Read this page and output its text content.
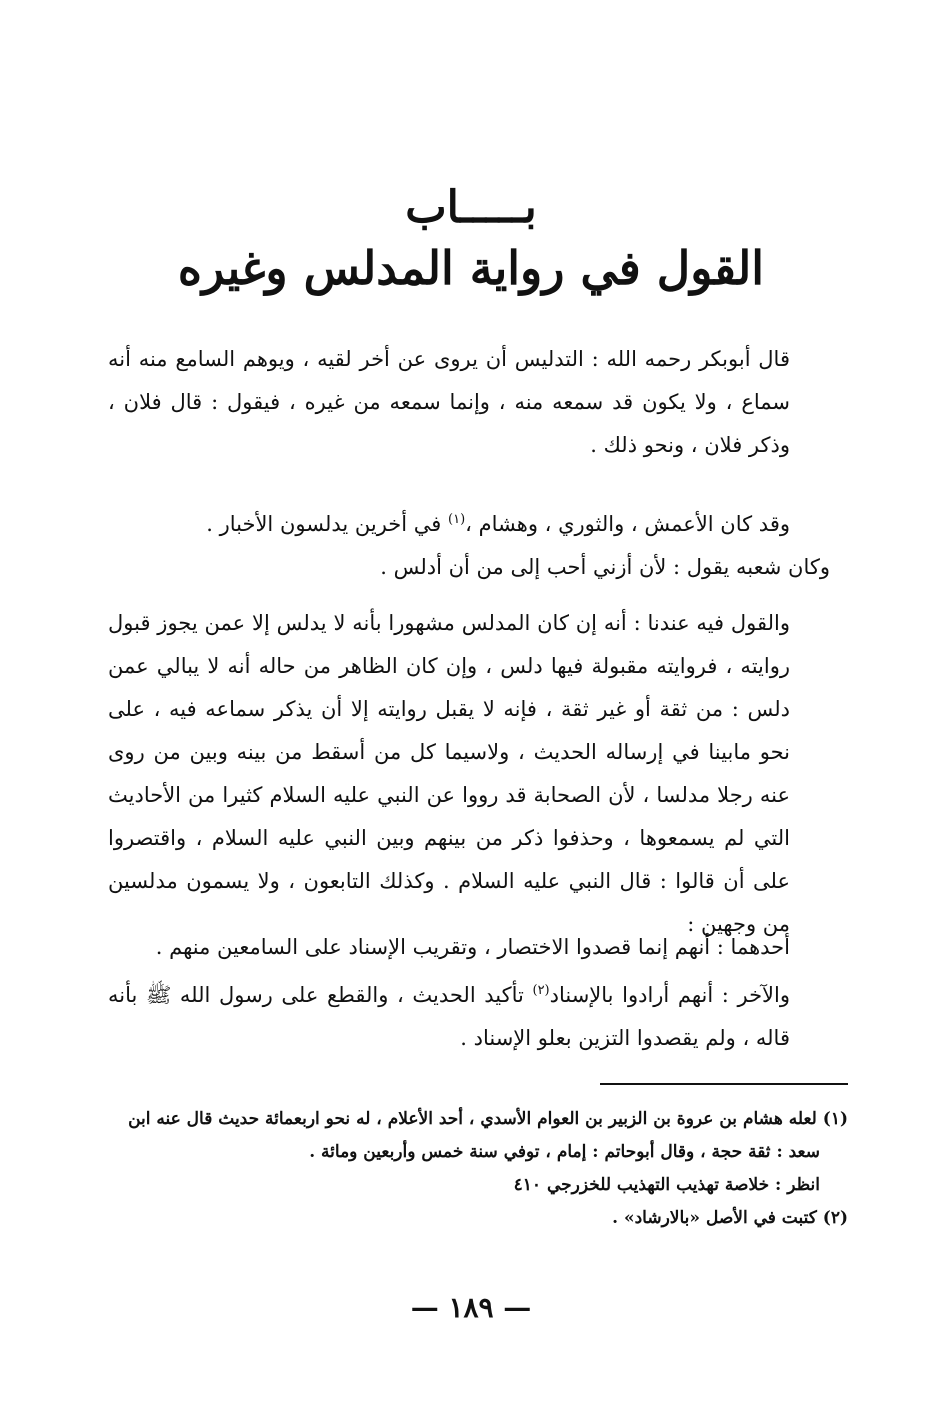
بـــــاب
القول في رواية المدلس وغيره

قال أبوبكر رحمه الله : التدليس أن يروى عن أخر لقيه ، ويوهم السامع منه أنه سماع ، ولا يكون قد سمعه منه ، وإنما سمعه من غيره ، فيقول : قال فلان ، وذكر فلان ، ونحو ذلك .

وقد كان الأعمش ، والثوري ، وهشام ،$^{(١)}$ في أخرين يدلسون الأخبار .

وكان شعبه يقول : لأن أزني أحب إلى من أن أدلس .

والقول فيه عندنا : أنه إن كان المدلس مشهورا بأنه لا يدلس إلا عمن يجوز قبول روايته ، فروايته مقبولة فيها دلس ، وإن كان الظاهر من حاله أنه لا يبالي عمن دلس : من ثقة أو غير ثقة ، فإنه لا يقبل روايته إلا أن يذكر سماعه فيه ، على نحو مابينا في إرساله الحديث ، ولاسيما كل من أسقط من بينه وبين من روى عنه رجلا مدلسا ، لأن الصحابة قد رووا عن النبي عليه السلام كثيرا من الأحاديث التي لم يسمعوها ، وحذفوا ذكر من بينهم وبين النبي عليه السلام ، واقتصروا على أن قالوا : قال النبي عليه السلام . وكذلك التابعون ، ولا يسمون مدلسين من وجهين :

أحدهما : أنهم إنما قصدوا الاختصار ، وتقريب الإسناد على السامعين منهم .

والآخر : أنهم أرادوا بالإسناد$^{(٢)}$ تأكيد الحديث ، والقطع على رسول الله ﷺ بأنه قاله ، ولم يقصدوا التزين بعلو الإسناد .

(١) لعله هشام بن عروة بن الزبير بن العوام الأسدي ، أحد الأعلام ، له نحو اربعمائة حديث قال عنه ابن

سعد : ثقة حجة ، وقال أبوحاتم : إمام ، توفي سنة خمس وأربعين ومائة .

انظر : خلاصة تهذيب التهذيب للخزرجي ٤١٠

(٢) كتبت في الأصل «بالارشاد» .

— ١٨٩ —
